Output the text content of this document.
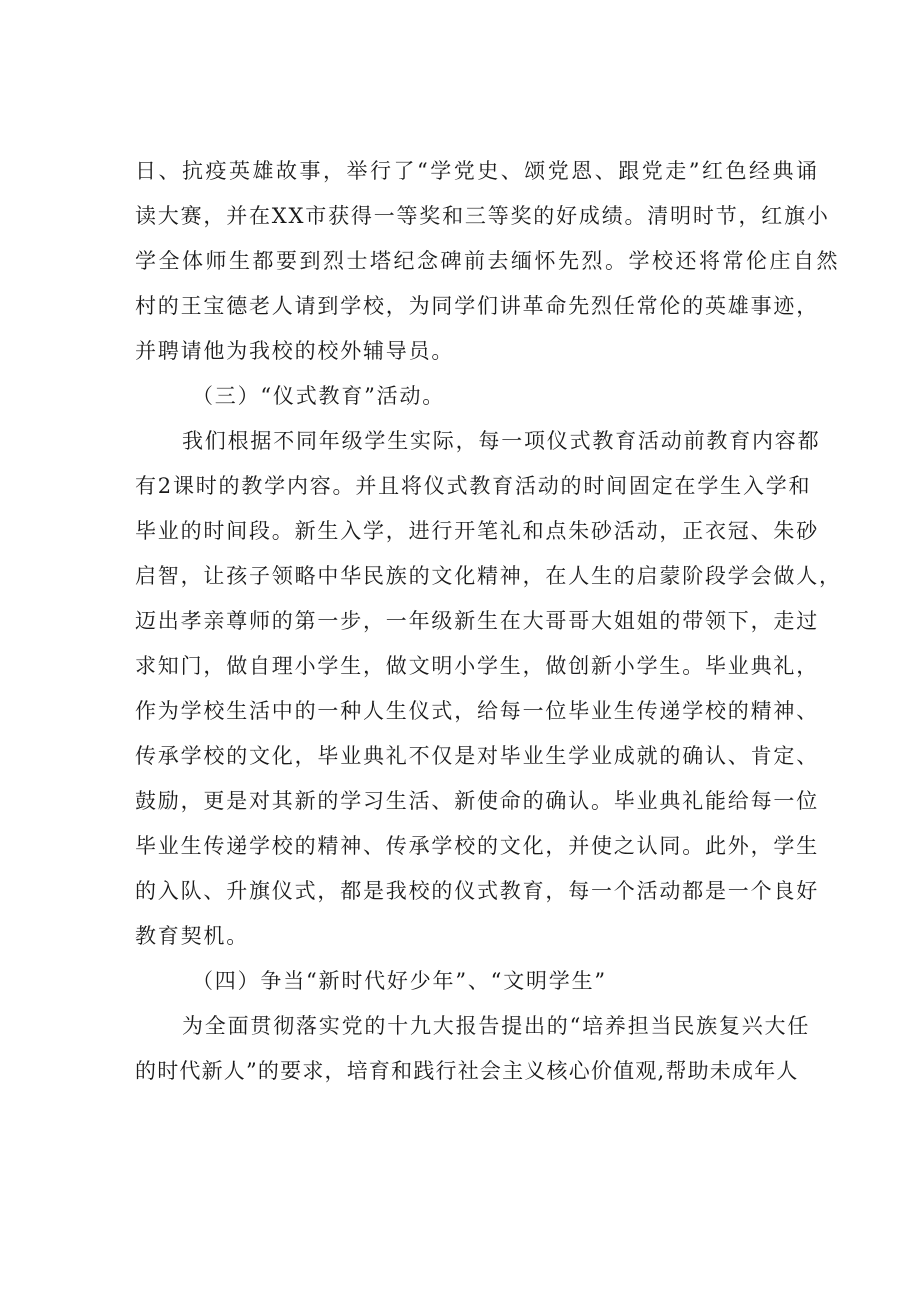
日、抗疫英雄故事，举行了“学党史、颂党恩、跟党走”红色经典诵
读大赛，并在XX市获得一等奖和三等奖的好成绩。清明时节，红旗小
学全体师生都要到烈士塔纪念碑前去缅怀先烈。学校还将常伦庄自然
村的王宝德老人请到学校，为同学们讲革命先烈任常伦的英雄事迹，
并聘请他为我校的校外辅导员。
（三）“仪式教育”活动。
我们根据不同年级学生实际，每一项仪式教育活动前教育内容都
有2课时的教学内容。并且将仪式教育活动的时间固定在学生入学和
毕业的时间段。新生入学，进行开笔礼和点朱砂活动，正衣冠、朱砂
启智，让孩子领略中华民族的文化精神，在人生的启蒙阶段学会做人，
迈出孝亲尊师的第一步，一年级新生在大哥哥大姐姐的带领下，走过
求知门，做自理小学生，做文明小学生，做创新小学生。毕业典礼，
作为学校生活中的一种人生仪式，给每一位毕业生传递学校的精神、
传承学校的文化，毕业典礼不仅是对毕业生学业成就的确认、肯定、
鼓励，更是对其新的学习生活、新使命的确认。毕业典礼能给每一位
毕业生传递学校的精神、传承学校的文化，并使之认同。此外，学生
的入队、升旗仪式，都是我校的仪式教育，每一个活动都是一个良好
教育契机。
（四）争当“新时代好少年”、“文明学生”
为全面贯彻落实党的十九大报告提出的“培养担当民族复兴大任
的时代新人”的要求，培育和践行社会主义核心价值观,帮助未成年人
